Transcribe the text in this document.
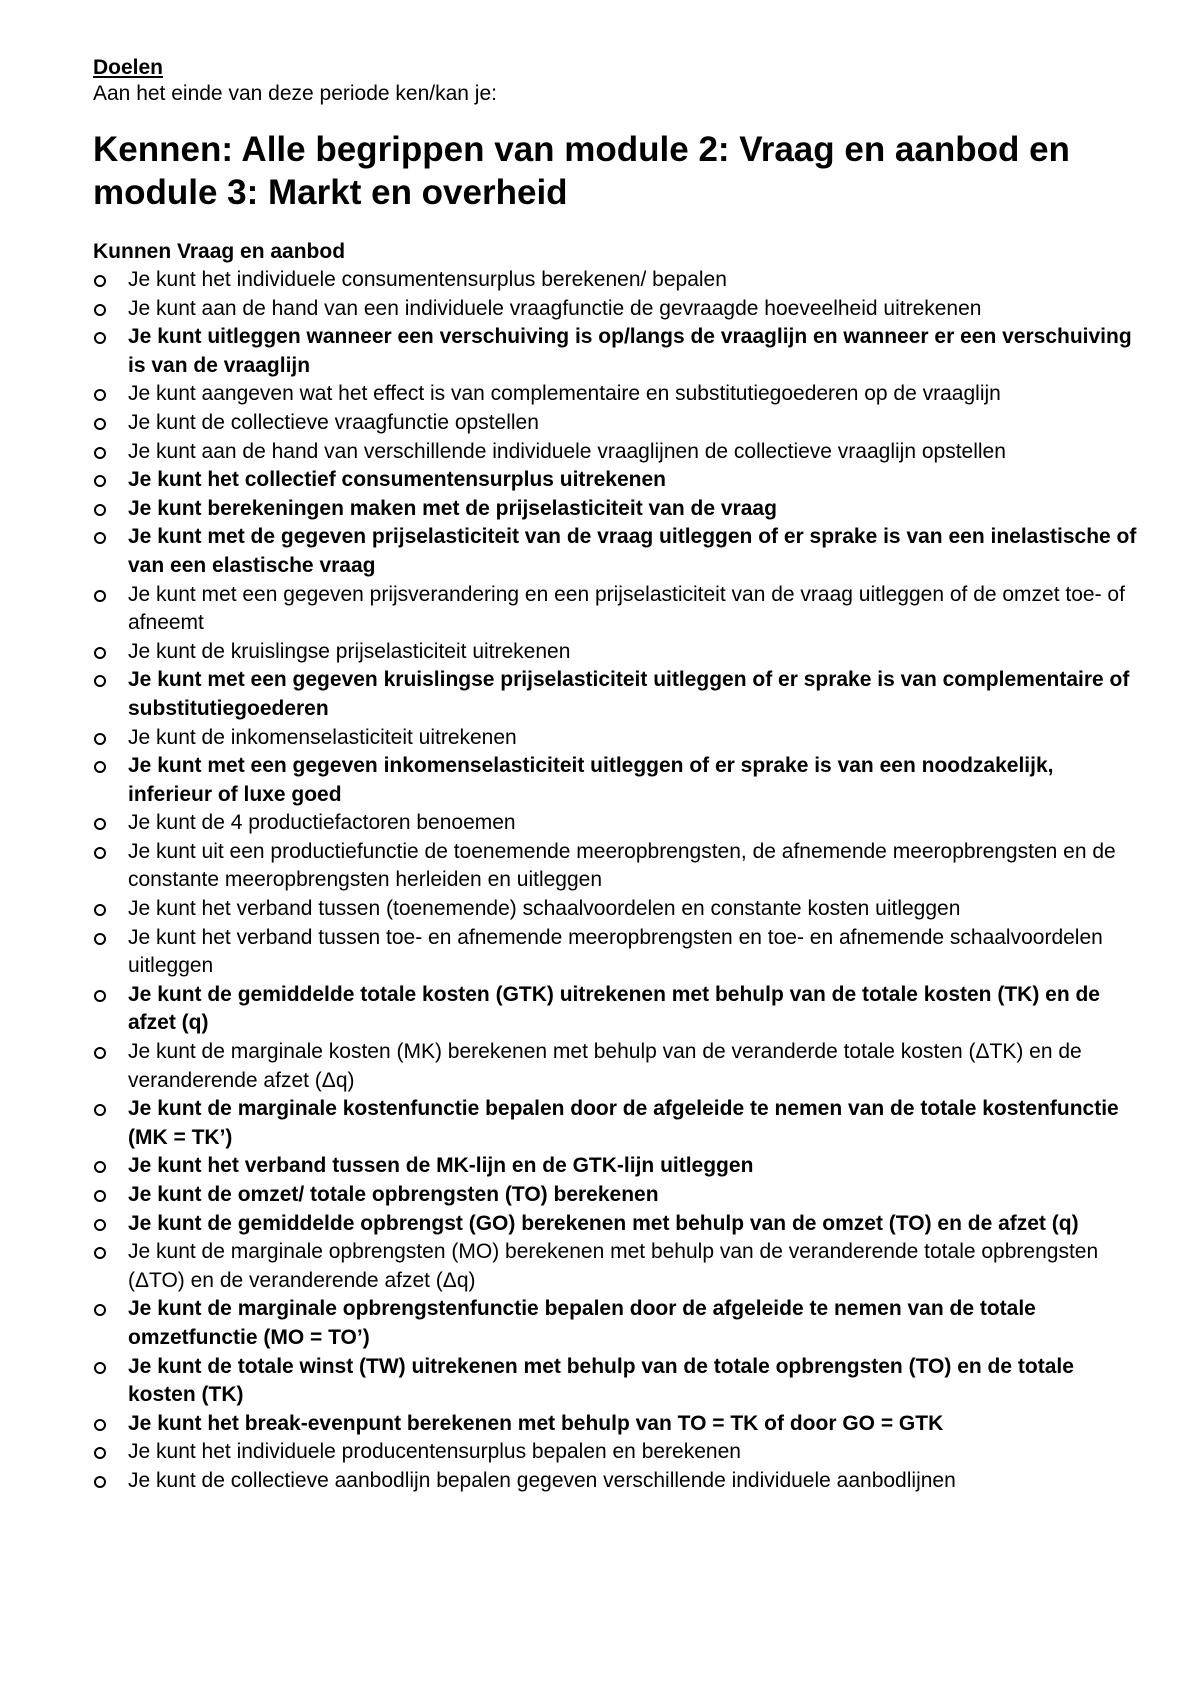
Doelen

Aan het einde van deze periode ken/kan je:

Kennen: Alle begrippen van module 2: Vraag en aanbod en module 3: Markt en overheid

Kunnen Vraag en aanbod

Je kunt het individuele consumentensurplus berekenen/ bepalen
Je kunt aan de hand van een individuele vraagfunctie de gevraagde hoeveelheid uitrekenen
Je kunt uitleggen wanneer een verschuiving is op/langs de vraaglijn en wanneer er een verschuiving is van de vraaglijn
Je kunt aangeven wat het effect is van complementaire en substitutiegoederen op de vraaglijn
Je kunt de collectieve vraagfunctie opstellen
Je kunt aan de hand van verschillende individuele vraaglijnen de collectieve vraaglijn opstellen
Je kunt het collectief consumentensurplus uitrekenen
Je kunt berekeningen maken met de prijselasticiteit van de vraag
Je kunt met de gegeven prijselasticiteit van de vraag uitleggen of er sprake is van een inelastische of van een elastische vraag
Je kunt met een gegeven prijsverandering en een prijselasticiteit van de vraag uitleggen of de omzet toe- of afneemt
Je kunt de kruislingse prijselasticiteit uitrekenen
Je kunt met een gegeven kruislingse prijselasticiteit uitleggen of er sprake is van complementaire of substitutiegoederen
Je kunt de inkomenselasticiteit uitrekenen
Je kunt met een gegeven inkomenselasticiteit uitleggen of er sprake is van een noodzakelijk, inferieur of luxe goed
Je kunt de 4 productiefactoren benoemen
Je kunt uit een productiefunctie de toenemende meeropbrengsten, de afnemende meeropbrengsten en de constante meeropbrengsten herleiden en uitleggen
Je kunt het verband tussen (toenemende) schaalvoordelen en constante kosten uitleggen
Je kunt het verband tussen toe- en afnemende meeropbrengsten en toe- en afnemende schaalvoordelen uitleggen
Je kunt de gemiddelde totale kosten (GTK) uitrekenen met behulp van de totale kosten (TK) en de afzet (q)
Je kunt de marginale kosten (MK) berekenen met behulp van de veranderde totale kosten (ΔTK) en de veranderende afzet (Δq)
Je kunt de marginale kostenfunctie bepalen door de afgeleide te nemen van de totale kostenfunctie (MK = TK’)
Je kunt het verband tussen de MK-lijn en de GTK-lijn uitleggen
Je kunt de omzet/ totale opbrengsten (TO) berekenen
Je kunt de gemiddelde opbrengst (GO) berekenen met behulp van de omzet (TO) en de afzet (q)
Je kunt de marginale opbrengsten (MO) berekenen met behulp van de veranderende totale opbrengsten (ΔTO) en de veranderende afzet (Δq)
Je kunt de marginale opbrengstenfunctie bepalen door de afgeleide te nemen van de totale omzetfunctie (MO = TO’)
Je kunt de totale winst (TW) uitrekenen met behulp van de totale opbrengsten (TO) en de totale kosten (TK)
Je kunt het break-evenpunt berekenen met behulp van TO = TK of door GO = GTK
Je kunt het individuele producentensurplus bepalen en berekenen
Je kunt de collectieve aanbodlijn bepalen gegeven verschillende individuele aanbodlijnen
